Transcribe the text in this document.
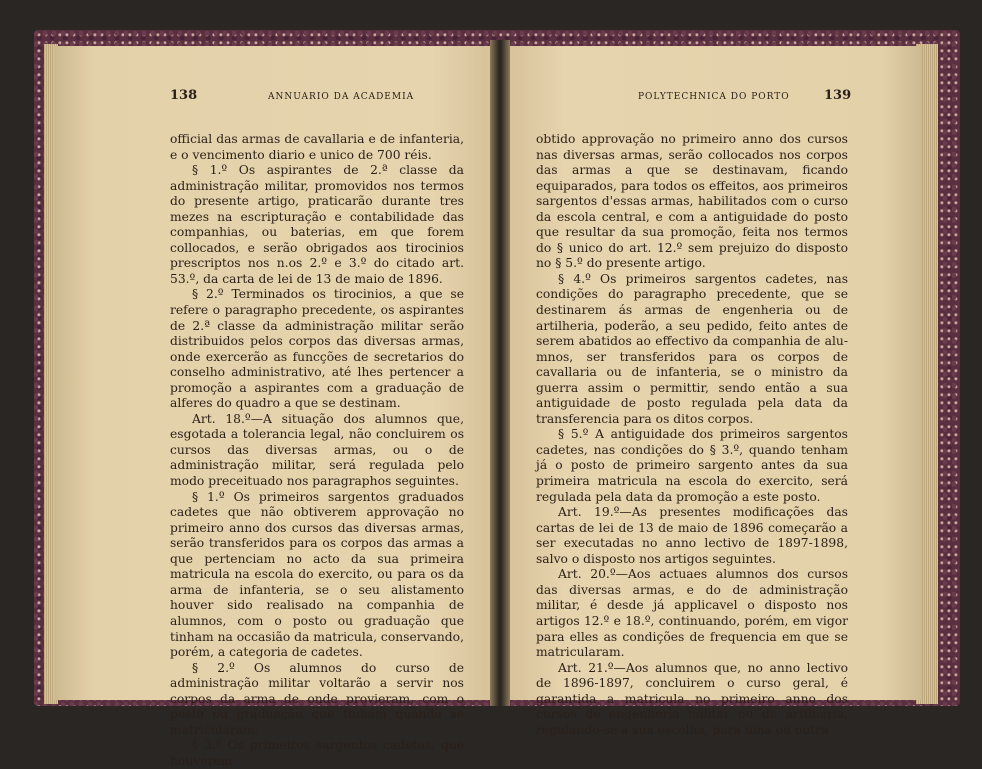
138	ANNUARIO DA ACADEMIA	139
POLYTECHNICA DO PORTO

official das armas de cavallaria e de infanteria, e o vencimento diario e unico de 700 réis.

§ 1.º Os aspirantes de 2.ª classe da administração militar, promovidos nos termos do presente artigo, praticarão durante tres mezes na escripturação e contabilidade das companhias, ou baterias, em que forem collocados, e serão obrigados aos tirocinios prescriptos nos n.os 2.º e 3.º do citado art. 53.º, da carta de lei de 13 de maio de 1896.

§ 2.º Terminados os tirocinios, a que se refere o paragrapho precedente, os aspirantes de 2.ª classe da administração militar serão distribuidos pelos corpos das diversas armas, onde exercerão as funcções de secretarios do conselho administrativo, até lhes pertencer a promoção a aspirantes com a graduação de alferes do quadro a que se destinam.

Art. 18.º—A situação dos alumnos que, esgotada a tolerancia legal, não concluirem os cursos das diversas armas, ou o de administração militar, será regulada pelo modo preceituado nos paragraphos seguintes.

§ 1.º Os primeiros sargentos graduados cadetes que não obtiverem approvação no primeiro anno dos cursos das diversas armas, serão transferidos para os corpos das armas a que pertenciam no acto da sua primeira matricula na escola do exercito, ou para os da arma de infanteria, se o seu alistamento houver sido realisado na companhia de alumnos, com o posto ou graduação que tinham na occasião da matricula, conservando, porém, a categoria de cadetes.

§ 2.º Os alumnos do curso de administração militar voltarão a servir nos corpos da arma de onde provieram, com o posto ou graduação que tinham quando se matricularam.

§ 3.º Os primeiros sargentos cadetes, que houverem

obtido approvação no primeiro anno dos cursos nas diversas armas, serão collocados nos corpos das armas a que se destinavam, ficando equiparados, para todos os effeitos, aos primeiros sargentos d'essas armas, habilitados com o curso da escola central, e com a antiguidade do posto que resultar da sua promoção, feita nos termos do § unico do art. 12.º sem prejuizo do disposto no § 5.º do presente artigo.

§ 4.º Os primeiros sargentos cadetes, nas condições do paragrapho precedente, que se destinarem ás armas de engenheria ou de artilheria, poderão, a seu pedido, feito antes de serem abatidos ao effectivo da companhia de alumnos, ser transferidos para os corpos de cavallaria ou de infanteria, se o ministro da guerra assim o permittir, sendo então a sua antiguidade de posto regulada pela data da transferencia para os ditos corpos.

§ 5.º A antiguidade dos primeiros sargentos cadetes, nas condições do § 3.º, quando tenham já o posto de primeiro sargento antes da sua primeira matricula na escola do exercito, será regulada pela data da promoção a este posto.

Art. 19.º—As presentes modificações das cartas de lei de 13 de maio de 1896 começarão a ser executadas no anno lectivo de 1897-1898, salvo o disposto nos artigos seguintes.

Art. 20.º—Aos actuaes alumnos dos cursos das diversas armas, e do de administração militar, é desde já applicavel o disposto nos artigos 12.º e 18.º, continuando, porém, em vigor para elles as condições de frequencia em que se matricularam.

Art. 21.º—Aos alumnos que, no anno lectivo de 1896-1897, concluirem o curso geral, é garantida a matricula no primeiro anno dos cursos de engenheria militar ou de artilheria, regulando-se a sua escolha, para uma ou outra
